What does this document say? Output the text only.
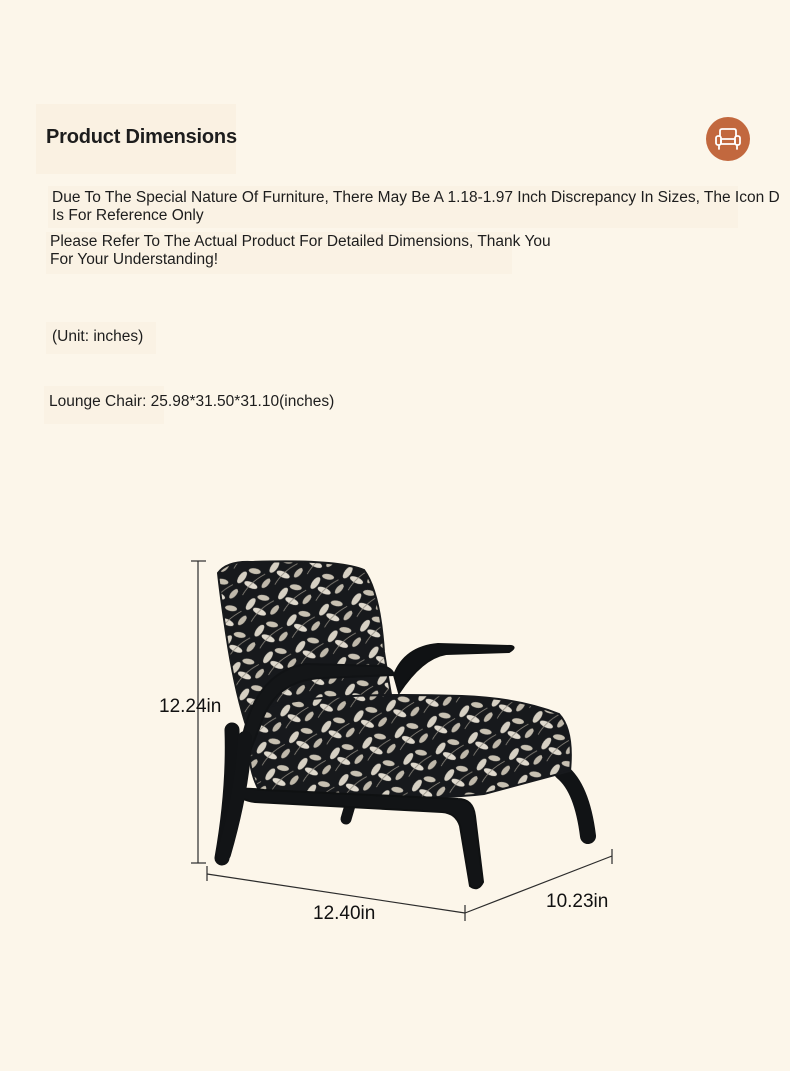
Product Dimensions
Due To The Special Nature Of Furniture, There May Be A 1.18-1.97 Inch Discrepancy In Sizes, The Icon D
Is For Reference Only
Please Refer To The Actual Product For Detailed Dimensions, Thank You
For Your Understanding!
(Unit: inches)
Lounge Chair: 25.98*31.50*31.10(inches)
12.24in
12.40in
10.23in
